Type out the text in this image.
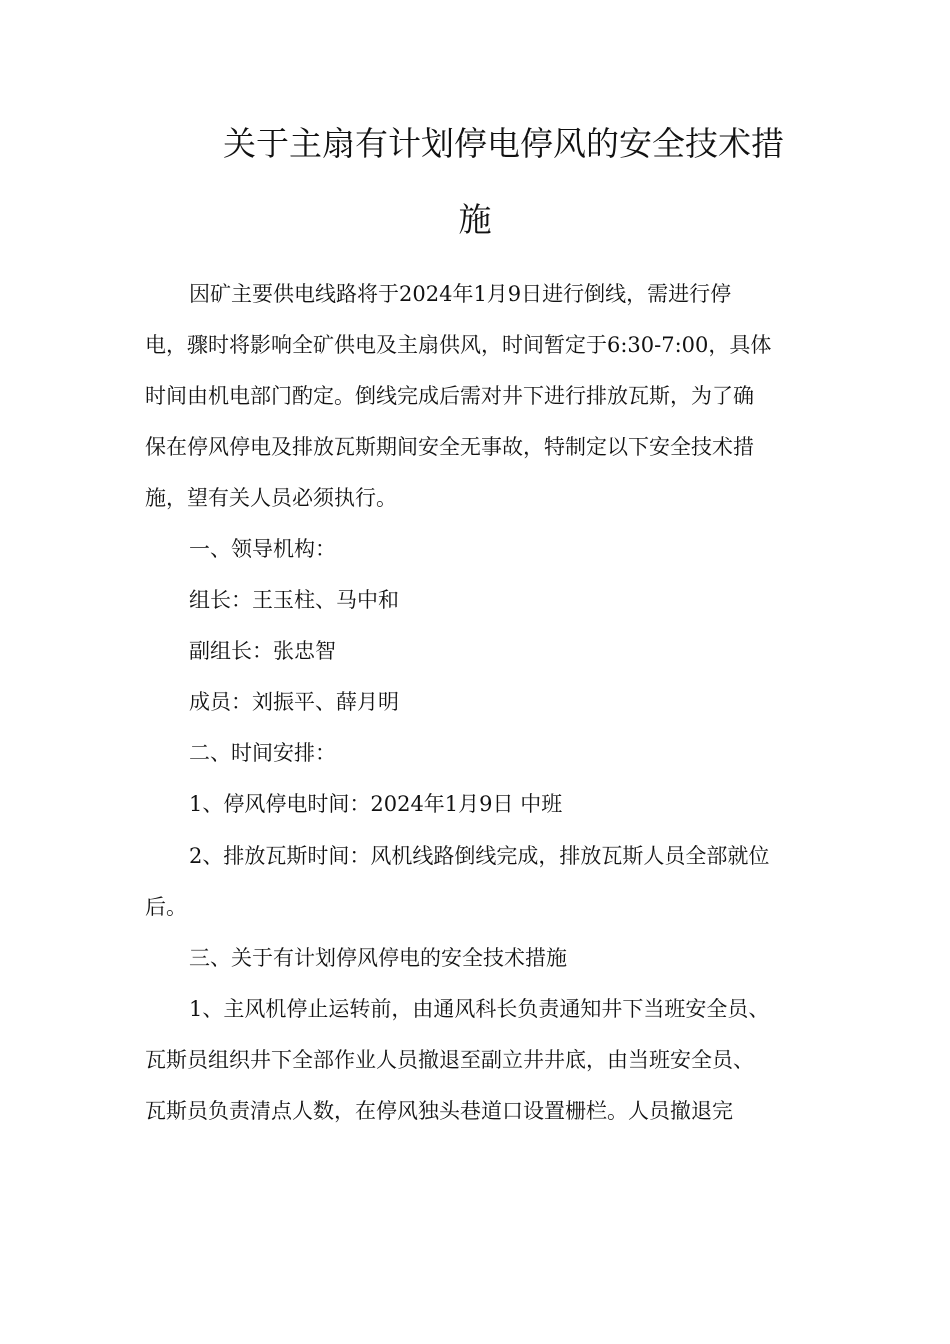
关于主扇有计划停电停风的安全技术措
施
因矿主要供电线路将于2024年1月9日进行倒线，需进行停
电，骤时将影响全矿供电及主扇供风，时间暂定于6:30-7:00，具体
时间由机电部门酌定。倒线完成后需对井下进行排放瓦斯，为了确
保在停风停电及排放瓦斯期间安全无事故，特制定以下安全技术措
施，望有关人员必须执行。
一、领导机构：
组长：王玉柱、马中和
副组长：张忠智
成员：刘振平、薛月明
二、时间安排：
1、停风停电时间：2024年1月9日 中班
2、排放瓦斯时间：风机线路倒线完成，排放瓦斯人员全部就位
后。
三、关于有计划停风停电的安全技术措施
1、主风机停止运转前，由通风科长负责通知井下当班安全员、
瓦斯员组织井下全部作业人员撤退至副立井井底，由当班安全员、
瓦斯员负责清点人数，在停风独头巷道口设置栅栏。人员撤退完
